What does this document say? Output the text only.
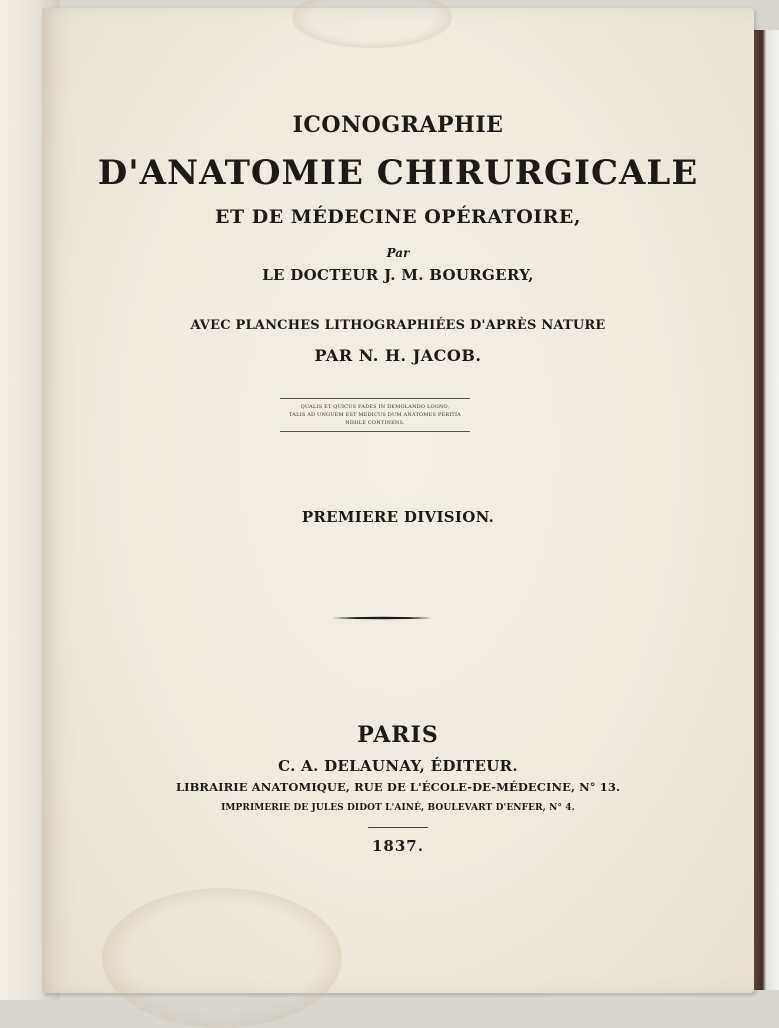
ICONOGRAPHIE

D'ANATOMIE CHIRURGICALE

ET DE MÉDECINE OPÉRATOIRE,

Par

LE DOCTEUR J. M. BOURGERY,

AVEC PLANCHES LITHOGRAPHIÉES D'APRÈS NATURE

PAR N. H. JACOB.

QUALIS ET QUICUS FADES IN DEMOLANDO LOGNO,
TALIS AD UNGUEM EST MEDICUS DUM ANATOMES PERITIA
NIHILE CONTINENS.

PREMIERE DIVISION.

PARIS

C. A. DELAUNAY, ÉDITEUR.

LIBRAIRIE ANATOMIQUE, RUE DE L'ÉCOLE-DE-MÉDECINE, N° 13.

IMPRIMERIE DE JULES DIDOT L'AINÉ, BOULEVART D'ENFER, N° 4.

1837.
